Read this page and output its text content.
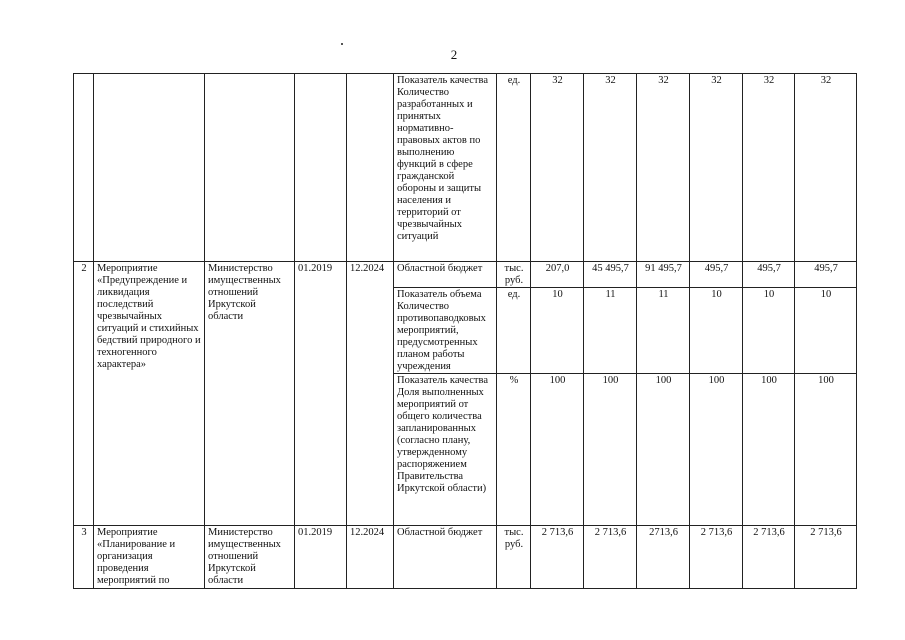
2
					Показатель качества Количество разработанных и принятых нормативно-правовых актов по выполнению функций в сфере гражданской обороны и защиты населения и территорий от чрезвычайных ситуаций	ед.	32	32	32	32	32	32
2	Мероприятие «Предупреждение и ликвидация последствий чрезвычайных ситуаций и стихийных бедствий природного и техногенного характера»	Министерство имущественных отношений Иркутской области	01.2019	12.2024	Областной бюджет	тыс. руб.	207,0	45 495,7	91 495,7	495,7	495,7	495,7
					Показатель объема Количество противопаводковых мероприятий, предусмотренных планом работы учреждения	ед.	10	11	11	10	10	10
					Показатель качества Доля выполненных мероприятий от общего количества запланированных (согласно плану, утвержденному распоряжением Правительства Иркутской области)	%	100	100	100	100	100	100
3	Мероприятие «Планирование и организация проведения мероприятий по	Министерство имущественных отношений Иркутской области	01.2019	12.2024	Областной бюджет	тыс. руб.	2 713,6	2 713,6	2713,6	2 713,6	2 713,6	2 713,6
